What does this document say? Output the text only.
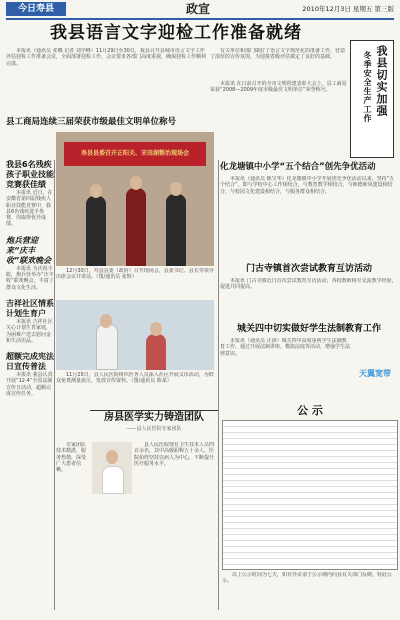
今日寿县	政宣	2010年12月3日 星期五 第三版
我县语言文字迎检工作准备就绪

本报讯（通讯员 张娜 记者 刘学峰）11月29日至30日，我县召开县城市语言文字工作评估迎检工作准备会议，全面部署迎检工作。会议要求各部门高度重视，确保迎检工作顺利完成。

有关单位和部门做好了语言文字规范化的准备工作，营造了浓厚的宣传氛围，为迎接省级评估奠定了良好的基础。

本报讯 在日前召开的全市文明创建表彰大会上，县工商局荣获“2008—2009年度市级最佳文明单位”荣誉称号。

县工商局连续三届荣获市级最佳文明单位称号
我县切实加强
冬季安全生产工作
寿县县委召开正阳关、宋岗湖整治现场会

12月30日，寿县县委（政府）召开现场会，县委书记、县长等领导出席会议并讲话。（图/通讯员 张辉）

我县6名残疾孩子职业技能竞赛获佳绩

本报讯 近日，在安徽省第四届残疾人职业技能竞赛中，我县6名残疾选手参赛，均取得优异成绩。

炮兵营迎来“庆丰收”联欢晚会

本报讯 为庆祝丰收，炮兵营举办“庆丰收”联欢晚会，丰富了群众文化生活。

吉祥社区情系计划生育户

本报讯 吉祥社区关心计划生育家庭，为困难户送去慰问金和生活用品。

超额完成宪法日宣传普法

本报讯 我县认真开展“12·4”全国法制宣传日活动，超额完成宣传任务。

化龙塘镇中小学“五个结合”创先争优活动

本报讯（通讯员 陈宝华）化龙塘镇中小学开展创先争优活动以来，坚持“五个结合”，即与学校中心工作相结合，与教育教学相结合，与师德师风建设相结合，与校园文化建设相结合，与服务群众相结合。

门古寺镇首次尝试教育互访活动

本报讯 门古寺镇近日首次尝试教育互访活动，各校教师相互交流教学经验，促进共同提高。

城关四中切实做好学生法制教育工作

本报讯（通讯员 汪涛）城关四中高度重视学生法制教育工作，通过开展法制讲座、模拟法庭等活动，增强学生法律意识。

天翼宽带

11月25日，县人民医院组织医务人员深入社区开展义诊活动，为群众免费测量血压，发放宣传资料。（图/通讯员 陈某）

房县医学实力铸造团队
——县人民医院专家团队

县人民医院现有卫生技术人员四百余名，其中高级职称五十余人。医院始终坚持以病人为中心，不断提升医疗服务水平。

专家团队技术精湛，服务热情，深受广大患者信赖。

公 示

以上公示时间为七天，如有异议请于公示期内向县有关部门反映。特此公示。
